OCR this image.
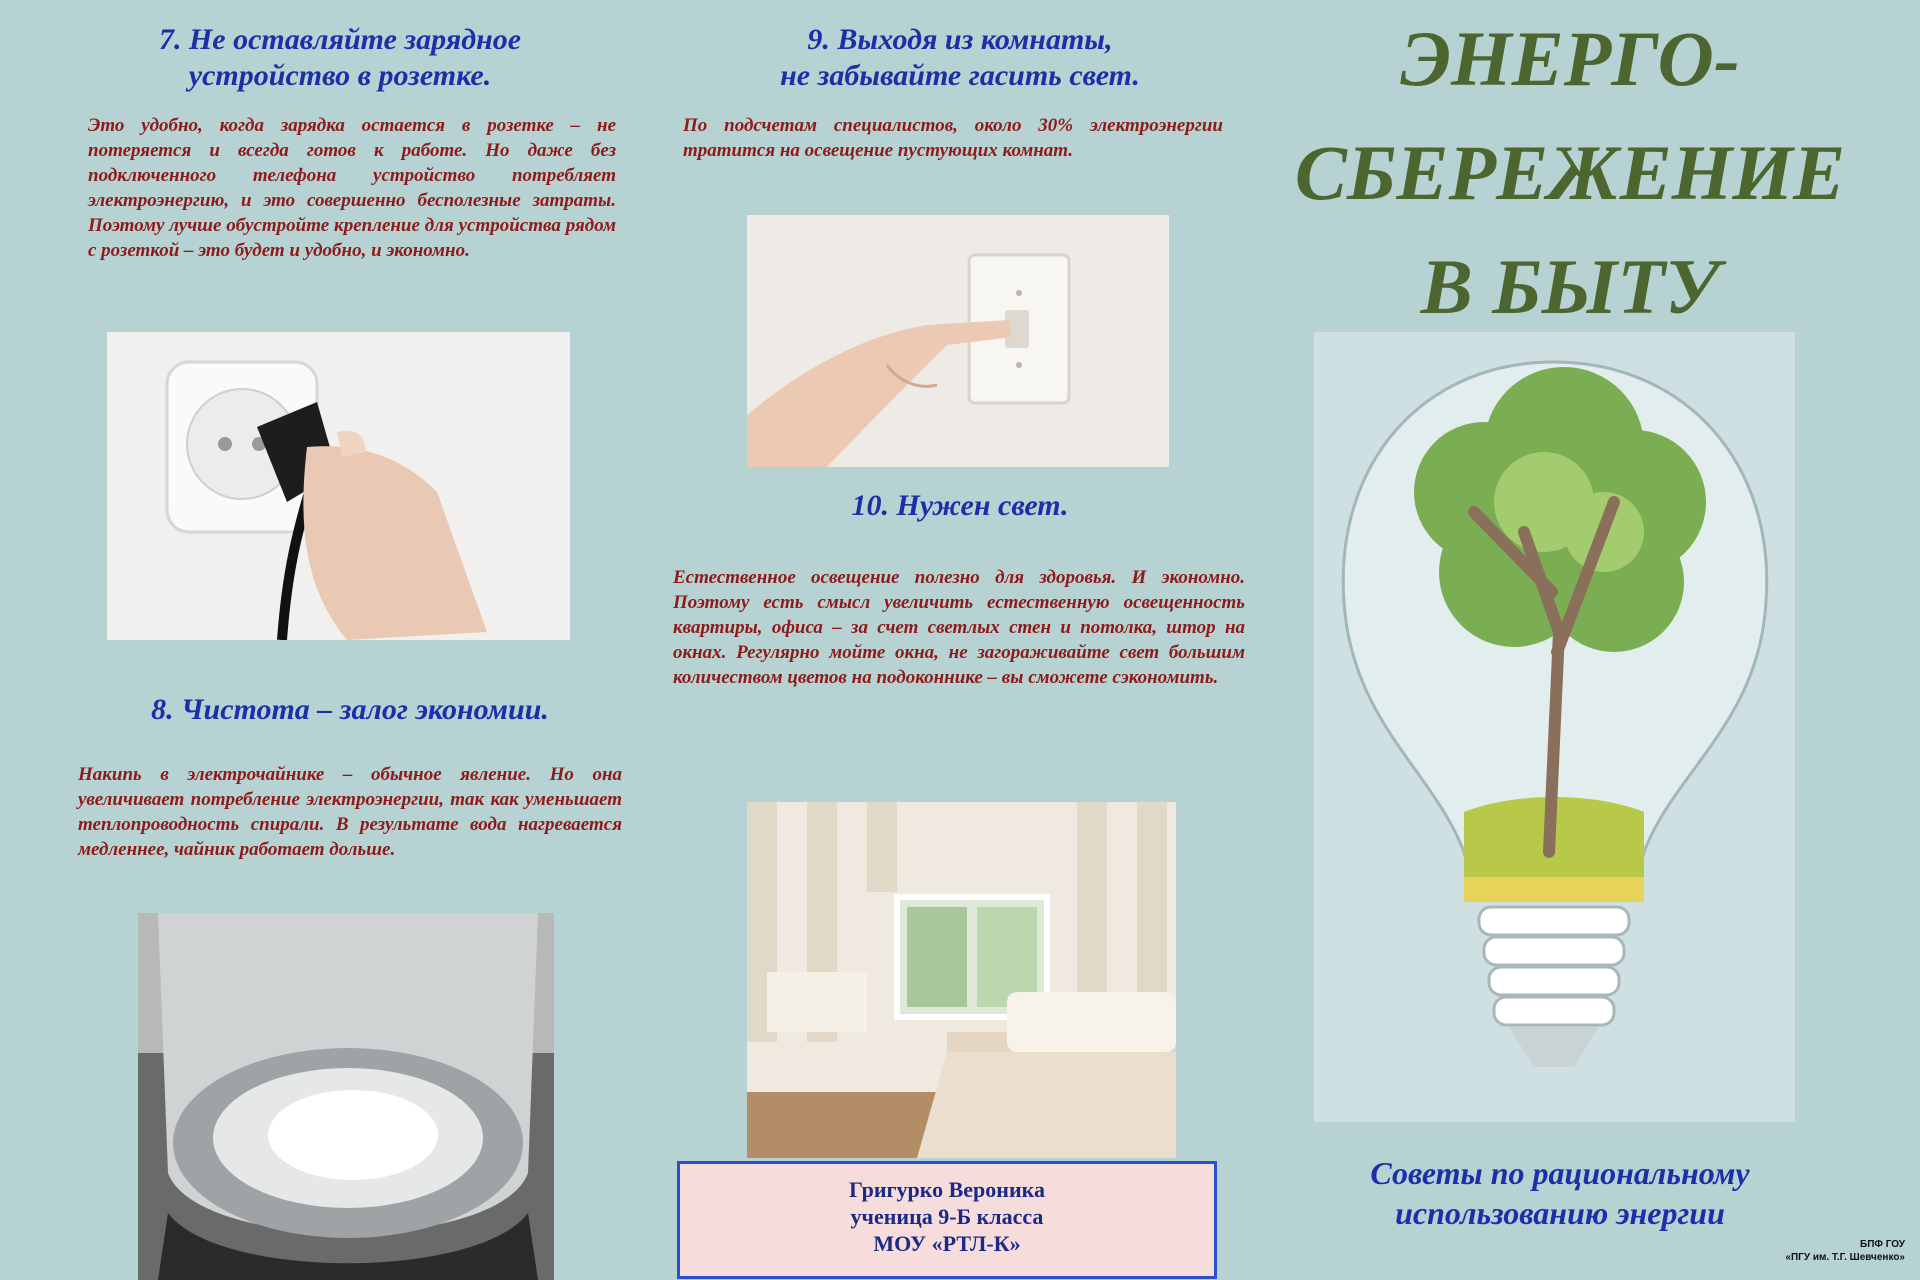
7. Не оставляйте зарядное

устройство в розетке.

Это удобно, когда зарядка остается в розетке – не потеряется и всегда готов к работе. Но даже без подключенного телефона устройство потребляет электроэнергию, и это совершенно бесполезные затраты. Поэтому лучше обустройте крепление для устройства рядом с розеткой – это будет и удобно, и экономно.

8. Чистота – залог экономии.

Накипь в электрочайнике – обычное явление. Но она увеличивает потребление электроэнергии, так как уменьшает теплопроводность спирали. В результате вода нагревается медленнее, чайник работает дольше.

9. Выходя из комнаты,

не забывайте гасить свет.

По подсчетам специалистов, около 30% электроэнергии тратится на освещение пустующих комнат.

10. Нужен свет.

Естественное освещение полезно для здоровья. И экономно. Поэтому есть смысл увеличить естественную освещенность квартиры, офиса – за счет светлых стен и потолка, штор на окнах. Регулярно мойте окна, не загораживайте свет большим количеством цветов на подоконнике – вы сможете сэкономить.

Григурко Вероника
ученица 9-Б класса
МОУ «РТЛ-К»
ЭНЕРГО-
СБЕРЕЖЕНИЕ
В БЫТУ
Советы по рациональному
использованию энергии
БПФ ГОУ
«ПГУ им. Т.Г. Шевченко»
